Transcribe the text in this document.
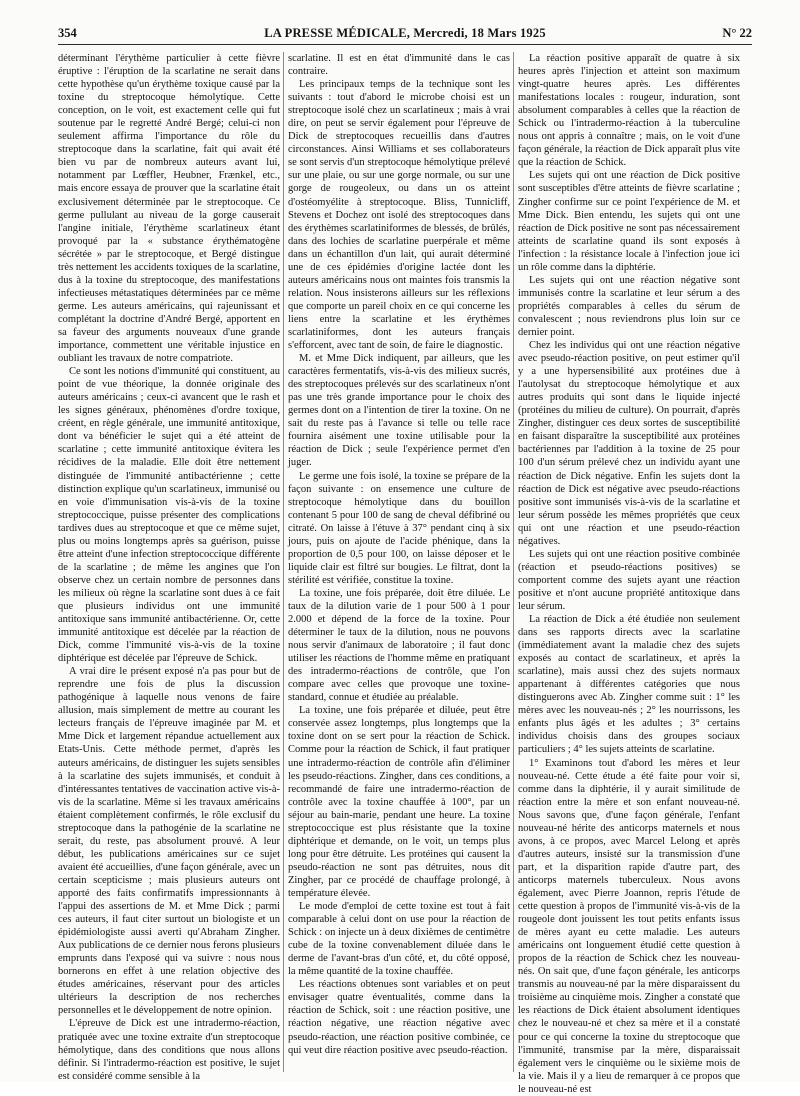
354	LA PRESSE MÉDICALE, Mercredi, 18 Mars 1925	N° 22

déterminant l'érythème particulier à cette fièvre éruptive : l'éruption de la scarlatine ne serait dans cette hypothèse qu'un érythème toxique causé par la toxine du streptocoque hémolytique. Cette conception, on le voit, est exactement celle qui fut soutenue par le regretté André Bergé; celui-ci non seulement affirma l'importance du rôle du streptocoque dans la scarlatine, fait qui avait été bien vu par de nombreux auteurs avant lui, notamment par Lœffler, Heubner, Frænkel, etc., mais encore essaya de prouver que la scarlatine était exclusivement déterminée par le streptocoque. Ce germe pullulant au niveau de la gorge causerait l'angine initiale, l'érythème scarlatineux étant provoqué par la « substance érythématogène sécrétée » par le streptocoque, et Bergé distingue très nettement les accidents toxiques de la scarlatine, dus à la toxine du streptocoque, des manifestations infectieuses métastatiques déterminées par ce même germe. Les auteurs américains, qui rajeunissant et complétant la doctrine d'André Bergé, apportent en sa faveur des arguments nouveaux d'une grande importance, commettent une véritable injustice en oubliant les travaux de notre compatriote.

Ce sont les notions d'immunité qui constituent, au point de vue théorique, la donnée originale des auteurs américains ; ceux-ci avancent que le rash et les signes généraux, phénomènes d'ordre toxique, créent, en règle générale, une immunité antitoxique, dont va bénéficier le sujet qui a été atteint de scarlatine ; cette immunité antitoxique évitera les récidives de la maladie. Elle doit être nettement distinguée de l'immunité antibactérienne ; cette distinction explique qu'un scarlatineux, immunisé ou en voie d'immunisation vis-à-vis de la toxine streptococcique, puisse présenter des complications tardives dues au streptocoque et que ce même sujet, plus ou moins longtemps après sa guérison, puisse être atteint d'une infection streptococcique différente de la scarlatine ; de même les angines que l'on observe chez un certain nombre de personnes dans les milieux où règne la scarlatine sont dues à ce fait que plusieurs individus ont une immunité antitoxique sans immunité antibactérienne. Or, cette immunité antitoxique est décelée par la réaction de Dick, comme l'immunité vis-à-vis de la toxine diphtérique est décelée par l'épreuve de Schick.

A vrai dire le présent exposé n'a pas pour but de reprendre une fois de plus la discussion pathogénique à laquelle nous venons de faire allusion, mais simplement de mettre au courant les lecteurs français de l'épreuve imaginée par M. et Mme Dick et largement répandue actuellement aux Etats-Unis. Cette méthode permet, d'après les auteurs américains, de distinguer les sujets sensibles à la scarlatine des sujets immunisés, et conduit à d'intéressantes tentatives de vaccination active vis-à-vis de la scarlatine. Même si les travaux américains étaient complètement confirmés, le rôle exclusif du streptocoque dans la pathogénie de la scarlatine ne serait, du reste, pas absolument prouvé. A leur début, les publications américaines sur ce sujet avaient été accueillies, d'une façon générale, avec un certain scepticisme ; mais plusieurs auteurs ont apporté des faits confirmatifs impressionnants à l'appui des assertions de M. et Mme Dick ; parmi ces auteurs, il faut citer surtout un biologiste et un épidémiologiste aussi averti qu'Abraham Zingher. Aux publications de ce dernier nous ferons plusieurs emprunts dans l'exposé qui va suivre : nous nous bornerons en effet à une relation objective des études américaines, réservant pour des articles ultérieurs la description de nos recherches personnelles et le développement de notre opinion.

L'épreuve de Dick est une intradermo-réaction, pratiquée avec une toxine extraite d'un streptocoque hémolytique, dans des conditions que nous allons définir. Si l'intradermo-réaction est positive, le sujet est considéré comme sensible à la

scarlatine. Il est en état d'immunité dans le cas contraire.

Les principaux temps de la technique sont les suivants : tout d'abord le microbe choisi est un streptocoque isolé chez un scarlatineux ; mais à vrai dire, on peut se servir également pour l'épreuve de Dick de streptocoques recueillis dans d'autres circonstances. Ainsi Williams et ses collaborateurs se sont servis d'un streptocoque hémolytique prélevé sur une plaie, ou sur une gorge normale, ou sur une gorge de rougeoleux, ou dans un os atteint d'ostéomyélite à streptocoque. Bliss, Tunnicliff, Stevens et Dochez ont isolé des streptocoques dans des érythèmes scarlatiniformes de blessés, de brûlés, dans des lochies de scarlatine puerpérale et même dans un échantillon d'un lait, qui aurait déterminé une de ces épidémies d'origine lactée dont les auteurs américains nous ont maintes fois transmis la relation. Nous insisterons ailleurs sur les réflexions que comporte un pareil choix en ce qui concerne les liens entre la scarlatine et les érythèmes scarlatiniformes, dont les auteurs français s'efforcent, avec tant de soin, de faire le diagnostic.

M. et Mme Dick indiquent, par ailleurs, que les caractères fermentatifs, vis-à-vis des milieux sucrés, des streptocoques prélevés sur des scarlatineux n'ont pas une très grande importance pour le choix des germes dont on a l'intention de tirer la toxine. On ne sait du reste pas à l'avance si telle ou telle race fournira aisément une toxine utilisable pour la réaction de Dick ; seule l'expérience permet d'en juger.

Le germe une fois isolé, la toxine se prépare de la façon suivante : on ensemence une culture de streptocoque hémolytique dans du bouillon contenant 5 pour 100 de sang de cheval défibriné ou citraté. On laisse à l'étuve à 37° pendant cinq à six jours, puis on ajoute de l'acide phénique, dans la proportion de 0,5 pour 100, on laisse déposer et le liquide clair est filtré sur bougies. Le filtrat, dont la stérilité est vérifiée, constitue la toxine.

La toxine, une fois préparée, doit être diluée. Le taux de la dilution varie de 1 pour 500 à 1 pour 2.000 et dépend de la force de la toxine. Pour déterminer le taux de la dilution, nous ne pouvons nous servir d'animaux de laboratoire ; il faut donc utiliser les réactions de l'homme même en pratiquant des intradermo-réactions de contrôle, que l'on compare avec celles que provoque une toxine-standard, connue et étudiée au préalable.

La toxine, une fois préparée et diluée, peut être conservée assez longtemps, plus longtemps que la toxine dont on se sert pour la réaction de Schick. Comme pour la réaction de Schick, il faut pratiquer une intradermo-réaction de contrôle afin d'éliminer les pseudo-réactions. Zingher, dans ces conditions, a recommandé de faire une intradermo-réaction de contrôle avec la toxine chauffée à 100°, par un séjour au bain-marie, pendant une heure. La toxine streptococcique est plus résistante que la toxine diphtérique et demande, on le voit, un temps plus long pour être détruite. Les protéines qui causent la pseudo-réaction ne sont pas détruites, nous dit Zingher, par ce procédé de chauffage prolongé, à température élevée.

Le mode d'emploi de cette toxine est tout à fait comparable à celui dont on use pour la réaction de Schick : on injecte un à deux dixièmes de centimètre cube de la toxine convenablement diluée dans le derme de l'avant-bras d'un côté, et, du côté opposé, la même quantité de la toxine chauffée.

Les réactions obtenues sont variables et on peut envisager quatre éventualités, comme dans la réaction de Schick, soit : une réaction positive, une réaction négative, une réaction négative avec pseudo-réaction, une réaction positive combinée, ce qui veut dire réaction positive avec pseudo-réaction.

La réaction positive apparaît de quatre à six heures après l'injection et atteint son maximum vingt-quatre heures après. Les différentes manifestations locales : rougeur, induration, sont absolument comparables à celles que la réaction de Schick ou l'intradermo-réaction à la tuberculine nous ont appris à connaître ; mais, on le voit d'une façon générale, la réaction de Dick apparaît plus vite que la réaction de Schick.

Les sujets qui ont une réaction de Dick positive sont susceptibles d'être atteints de fièvre scarlatine ; Zingher confirme sur ce point l'expérience de M. et Mme Dick. Bien entendu, les sujets qui ont une réaction de Dick positive ne sont pas nécessairement atteints de scarlatine quand ils sont exposés à l'infection : la résistance locale à l'infection joue ici un rôle comme dans la diphtérie.

Les sujets qui ont une réaction négative sont immunisés contre la scarlatine et leur sérum a des propriétés comparables à celles du sérum de convalescent ; nous reviendrons plus loin sur ce dernier point.

Chez les individus qui ont une réaction négative avec pseudo-réaction positive, on peut estimer qu'il y a une hypersensibilité aux protéines due à l'autolysat du streptocoque hémolytique et aux autres produits qui sont dans le liquide injecté (protéines du milieu de culture). On pourrait, d'après Zingher, distinguer ces deux sortes de susceptibilité en faisant disparaître la susceptibilité aux protéines bactériennes par l'addition à la toxine de 25 pour 100 d'un sérum prélevé chez un individu ayant une réaction de Dick négative. Enfin les sujets dont la réaction de Dick est négative avec pseudo-réactions positive sont immunisés vis-à-vis de la scarlatine et leur sérum possède les mêmes propriétés que ceux qui ont une réaction et une pseudo-réaction négatives.

Les sujets qui ont une réaction positive combinée (réaction et pseudo-réactions positives) se comportent comme des sujets ayant une réaction positive et n'ont aucune propriété antitoxique dans leur sérum.

La réaction de Dick a été étudiée non seulement dans ses rapports directs avec la scarlatine (immédiatement avant la maladie chez des sujets exposés au contact de scarlatineux, et après la scarlatine), mais aussi chez des sujets normaux appartenant à différentes catégories que nous distinguerons avec Ab. Zingher comme suit : 1° les mères avec les nouveau-nés ; 2° les nourrissons, les enfants plus âgés et les adultes ; 3° certains individus choisis dans des groupes sociaux particuliers ; 4° les sujets atteints de scarlatine.

1° Examinons tout d'abord les mères et leur nouveau-né. Cette étude a été faite pour voir si, comme dans la diphtérie, il y aurait similitude de réaction entre la mère et son enfant nouveau-né. Nous savons que, d'une façon générale, l'enfant nouveau-né hérite des anticorps maternels et nous avons, à ce propos, avec Marcel Lelong et après d'autres auteurs, insisté sur la transmission d'une part, et la disparition rapide d'autre part, des anticorps maternels tuberculeux. Nous avons également, avec Pierre Joannon, repris l'étude de cette question à propos de l'immunité vis-à-vis de la rougeole dont jouissent les tout petits enfants issus de mères ayant eu cette maladie. Les auteurs américains ont longuement étudié cette question à propos de la réaction de Schick chez les nouveau-nés. On sait que, d'une façon générale, les anticorps transmis au nouveau-né par la mère disparaissent du troisième au cinquième mois. Zingher a constaté que les réactions de Dick étaient absolument identiques chez le nouveau-né et chez sa mère et il a constaté pour ce qui concerne la toxine du streptocoque que l'immunité, transmise par la mère, disparaissait également vers le cinquième ou le sixième mois de la vie. Mais il y a lieu de remarquer à ce propos que le nouveau-né est
